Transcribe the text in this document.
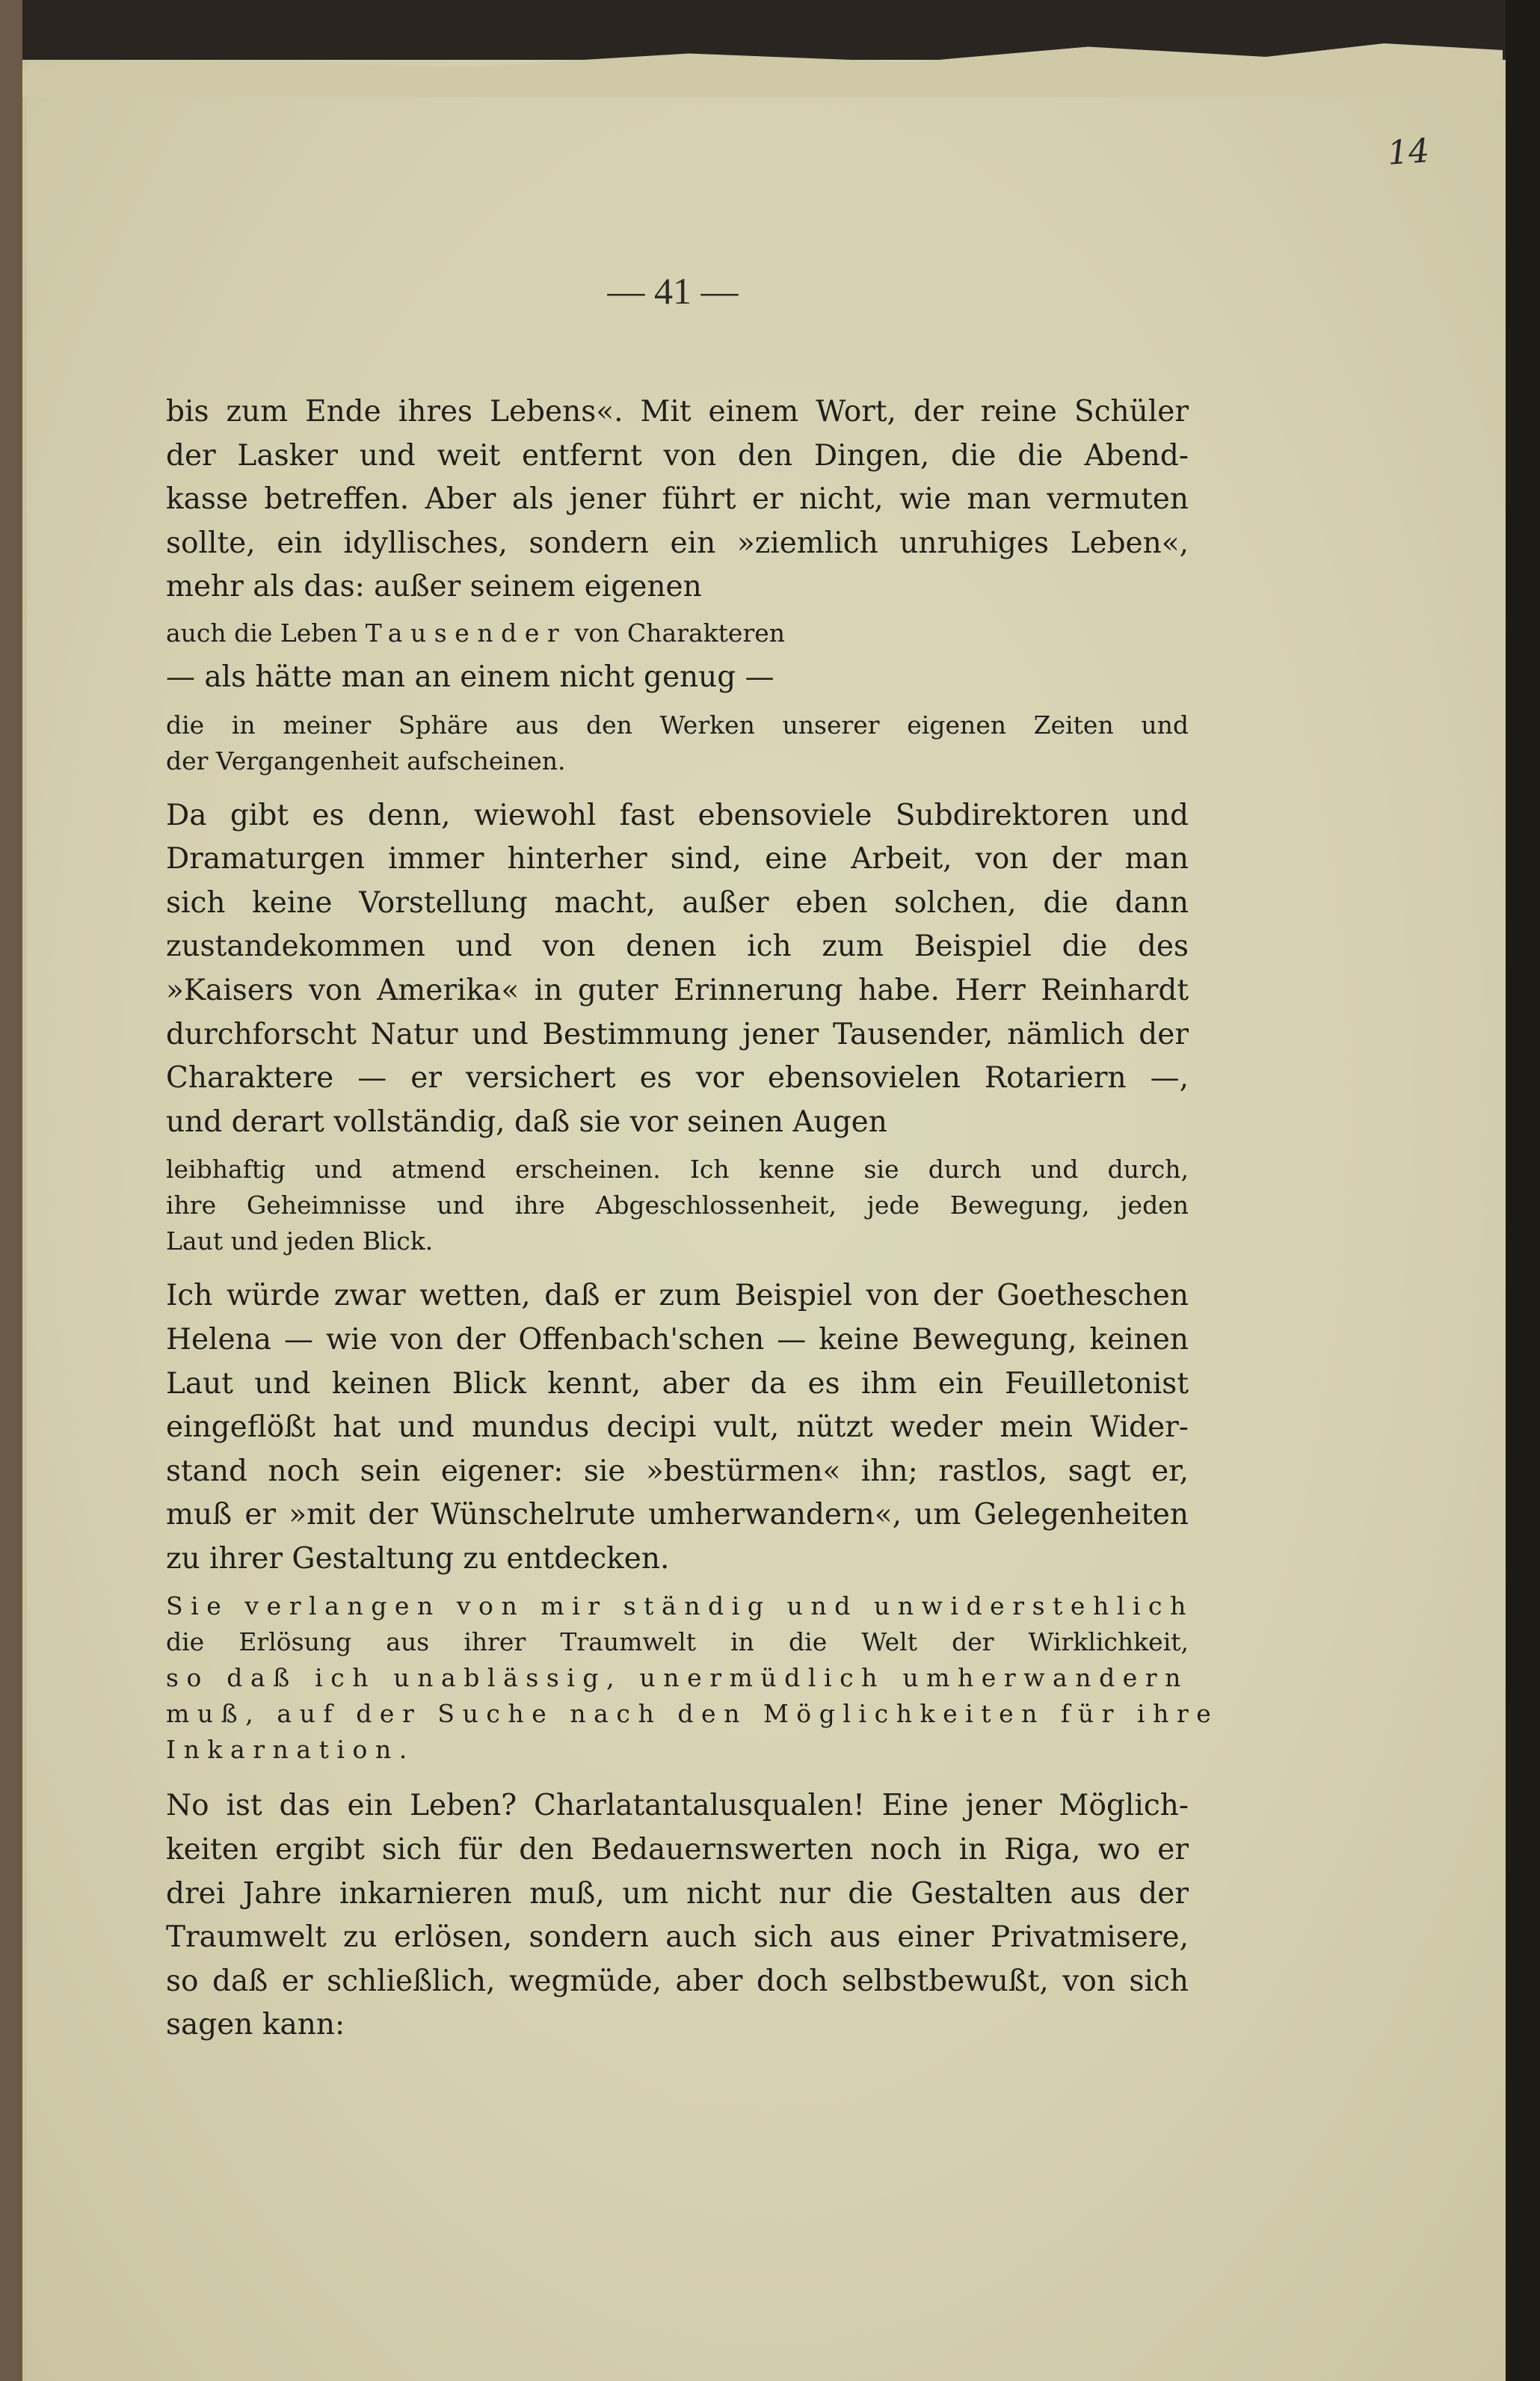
14
— 41 —

bis zum Ende ihres Lebens«. Mit einem Wort, der reine Schüler
der Lasker und weit entfernt von den Dingen, die die Abend-
kasse betreffen. Aber als jener führt er nicht, wie man vermuten
sollte, ein idyllisches, sondern ein »ziemlich unruhiges Leben«,
mehr als das: außer seinem eigenen

auch die Leben Tausender von Charakteren

— als hätte man an einem nicht genug —

die in meiner Sphäre aus den Werken unserer eigenen Zeiten und
der Vergangenheit aufscheinen.

Da gibt es denn, wiewohl fast ebensoviele Subdirektoren und
Dramaturgen immer hinterher sind, eine Arbeit, von der man
sich keine Vorstellung macht, außer eben solchen, die dann
zustandekommen und von denen ich zum Beispiel die des
»Kaisers von Amerika« in guter Erinnerung habe. Herr Reinhardt
durchforscht Natur und Bestimmung jener Tausender, nämlich der
Charaktere — er versichert es vor ebensovielen Rotariern —,
und derart vollständig, daß sie vor seinen Augen

leibhaftig und atmend erscheinen. Ich kenne sie durch und durch,
ihre Geheimnisse und ihre Abgeschlossenheit, jede Bewegung, jeden
Laut und jeden Blick.

Ich würde zwar wetten, daß er zum Beispiel von der Goetheschen
Helena — wie von der Offenbach'schen — keine Bewegung, keinen
Laut und keinen Blick kennt, aber da es ihm ein Feuilletonist
eingeflößt hat und mundus decipi vult, nützt weder mein Wider-
stand noch sein eigener: sie »bestürmen« ihn; rastlos, sagt er,
muß er »mit der Wünschelrute umherwandern«, um Gelegenheiten
zu ihrer Gestaltung zu entdecken.

Sie verlangen von mir ständig und unwiderstehlich
die Erlösung aus ihrer Traumwelt in die Welt der Wirklichkeit,
so daß ich unablässig, unermüdlich umherwandern
muß, auf der Suche nach den Möglichkeiten für ihre
Inkarnation.

No ist das ein Leben? Charlatantalusqualen! Eine jener Möglich-
keiten ergibt sich für den Bedauernswerten noch in Riga, wo er
drei Jahre inkarnieren muß, um nicht nur die Gestalten aus der
Traumwelt zu erlösen, sondern auch sich aus einer Privatmisere,
so daß er schließlich, wegmüde, aber doch selbstbewußt, von sich
sagen kann:
